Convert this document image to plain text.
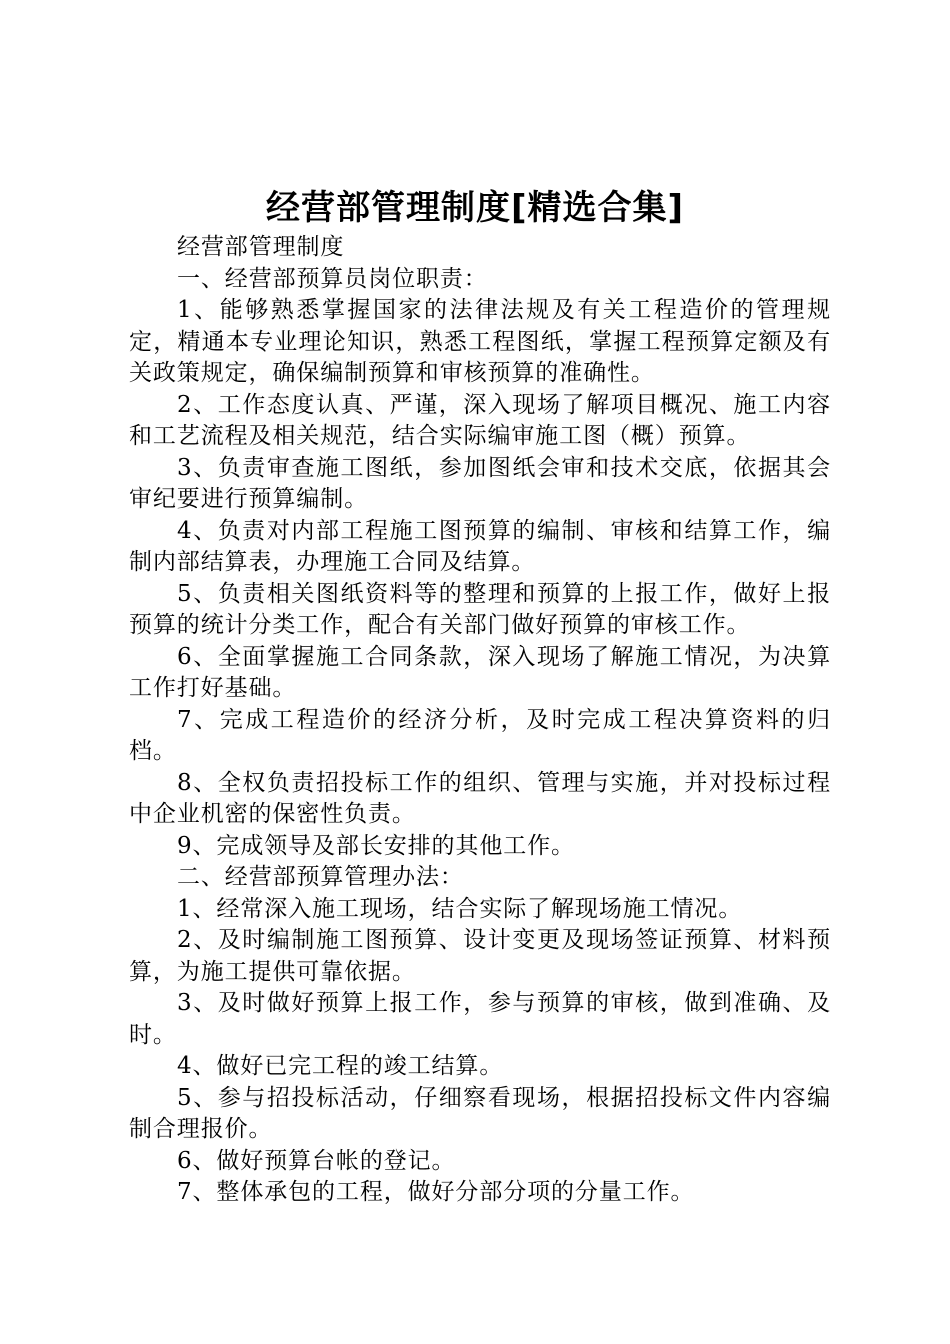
经营部管理制度[精选合集]

经营部管理制度

一、经营部预算员岗位职责：

1、能够熟悉掌握国家的法律法规及有关工程造价的管理规定，精通本专业理论知识，熟悉工程图纸，掌握工程预算定额及有关政策规定，确保编制预算和审核预算的准确性。

2、工作态度认真、严谨，深入现场了解项目概况、施工内容和工艺流程及相关规范，结合实际编审施工图（概）预算。

3、负责审查施工图纸，参加图纸会审和技术交底，依据其会审纪要进行预算编制。

4、负责对内部工程施工图预算的编制、审核和结算工作，编制内部结算表，办理施工合同及结算。

5、负责相关图纸资料等的整理和预算的上报工作，做好上报预算的统计分类工作，配合有关部门做好预算的审核工作。

6、全面掌握施工合同条款，深入现场了解施工情况，为决算工作打好基础。

7、完成工程造价的经济分析，及时完成工程决算资料的归档。

8、全权负责招投标工作的组织、管理与实施，并对投标过程中企业机密的保密性负责。

9、完成领导及部长安排的其他工作。

二、经营部预算管理办法：

1、经常深入施工现场，结合实际了解现场施工情况。

2、及时编制施工图预算、设计变更及现场签证预算、材料预算，为施工提供可靠依据。

3、及时做好预算上报工作，参与预算的审核，做到准确、及时。

4、做好已完工程的竣工结算。

5、参与招投标活动，仔细察看现场，根据招投标文件内容编制合理报价。

6、做好预算台帐的登记。

7、整体承包的工程，做好分部分项的分量工作。
